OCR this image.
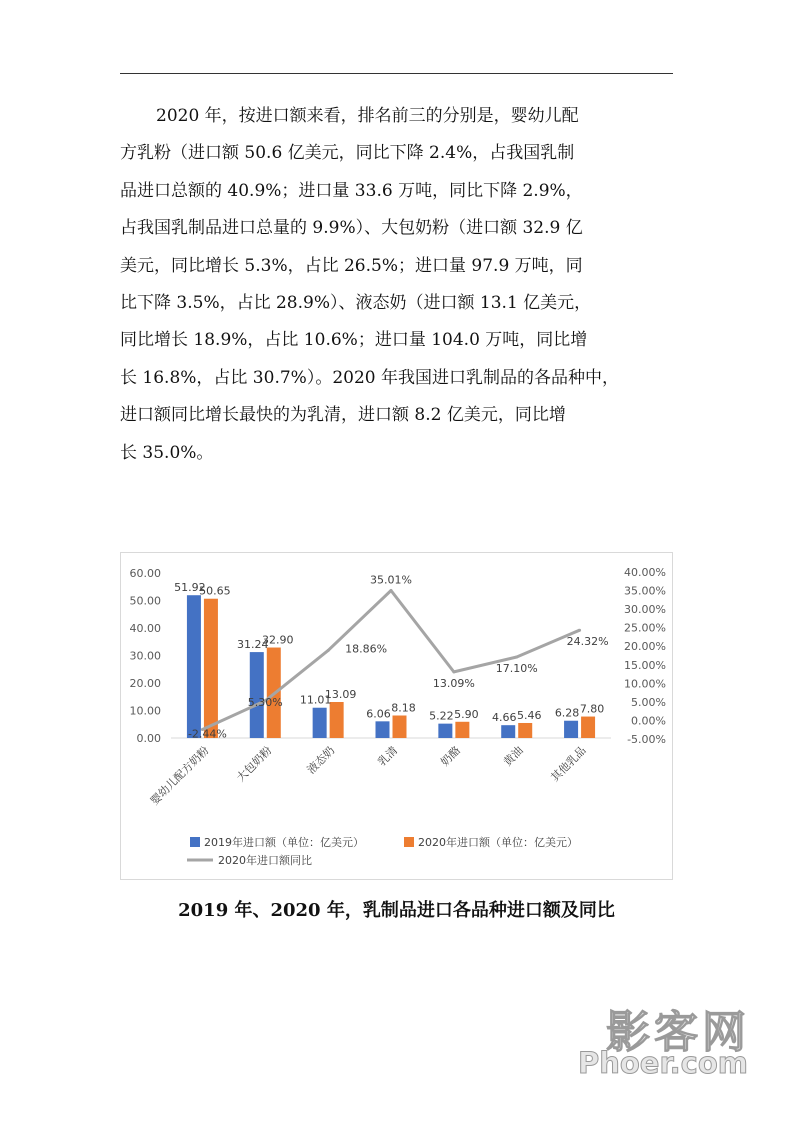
2020 年，按进口额来看，排名前三的分别是，婴幼儿配
方乳粉（进口额 50.6 亿美元，同比下降 2.4%，占我国乳制
品进口总额的 40.9%；进口量 33.6 万吨，同比下降 2.9%，
占我国乳制品进口总量的 9.9%）、大包奶粉（进口额 32.9 亿
美元，同比增长 5.3%，占比 26.5%；进口量 97.9 万吨，同
比下降 3.5%，占比 28.9%）、液态奶（进口额 13.1 亿美元，
同比增长 18.9%，占比 10.6%；进口量 104.0 万吨，同比增
长 16.8%，占比 30.7%）。2020 年我国进口乳制品的各品种中，
进口额同比增长最快的为乳清，进口额 8.2 亿美元，同比增
长 35.0%。
0.00
10.00
20.00
30.00
40.00
50.00
60.00
-5.00%
0.00%
5.00%
10.00%
15.00%
20.00%
25.00%
30.00%
35.00%
40.00%
51.92
31.24
11.01
6.06	5.22	4.66	6.28
50.65
32.90
13.09
8.18	5.90	5.46	7.80
-2.44%
5.30%
18.86%
35.01%
13.09%
17.10%
24.32%
婴幼儿配方奶粉 大包奶粉	液态奶	乳清	奶酪	黄油 其他乳品
2019年进口额（单位：亿美元）	2020年进口额（单位：亿美元）
2020年进口额同比
2019 年、2020 年，乳制品进口各品种进口额及同比
影客网
Phoer.com
